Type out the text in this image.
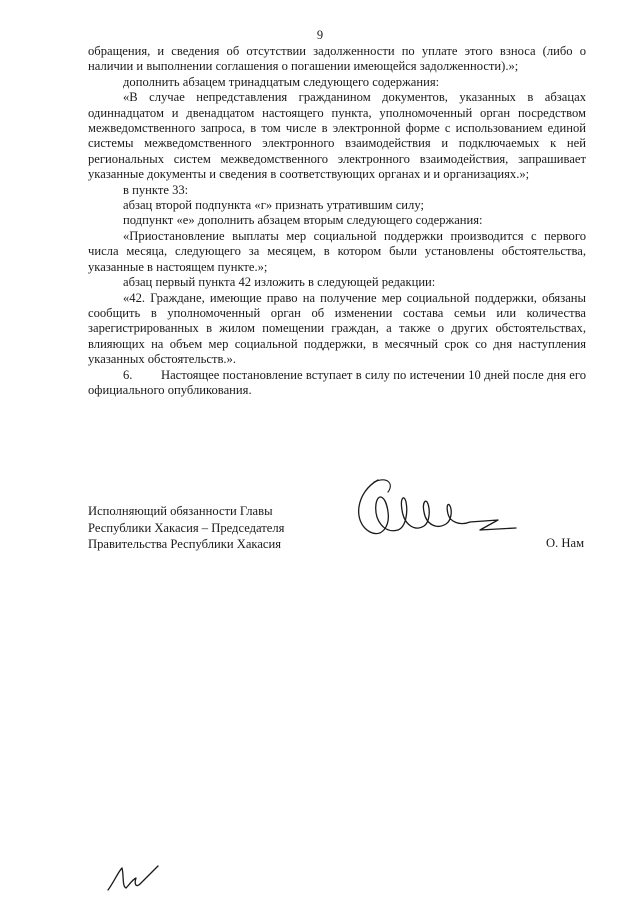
9

обращения, и сведения об отсутствии задолженности по уплате этого взноса (либо о наличии и выполнении соглашения о погашении имеющейся задолженности).»;

дополнить абзацем тринадцатым следующего содержания:

«В случае непредставления гражданином документов, указанных в абзацах одиннадцатом и двенадцатом настоящего пункта, уполномоченный орган посредством межведомственного запроса, в том числе в электронной форме с использованием единой системы межведомственного электронного взаимодействия и подключаемых к ней региональных систем межведомственного электронного взаимодействия, запрашивает указанные документы и сведения в соответствующих органах и и организациях.»;

в пункте 33:

абзац второй подпункта «г» признать утратившим силу;

подпункт «е» дополнить абзацем вторым следующего содержания:

«Приостановление выплаты мер социальной поддержки производится с первого числа месяца, следующего за месяцем, в котором были установлены обстоятельства, указанные в настоящем пункте.»;

абзац первый пункта 42 изложить в следующей редакции:

«42. Граждане, имеющие право на получение мер социальной поддержки, обязаны сообщить в уполномоченный орган об изменении состава семьи или количества зарегистрированных в жилом помещении граждан, а также о других обстоятельствах, влияющих на объем мер социальной поддержки, в месячный срок со дня наступления указанных обстоятельств.».

6. Настоящее постановление вступает в силу по истечении 10 дней после дня его официального опубликования.

Исполняющий обязанности Главы
Республики Хакасия – Председателя
Правительства Республики Хакасия	О. Нам
